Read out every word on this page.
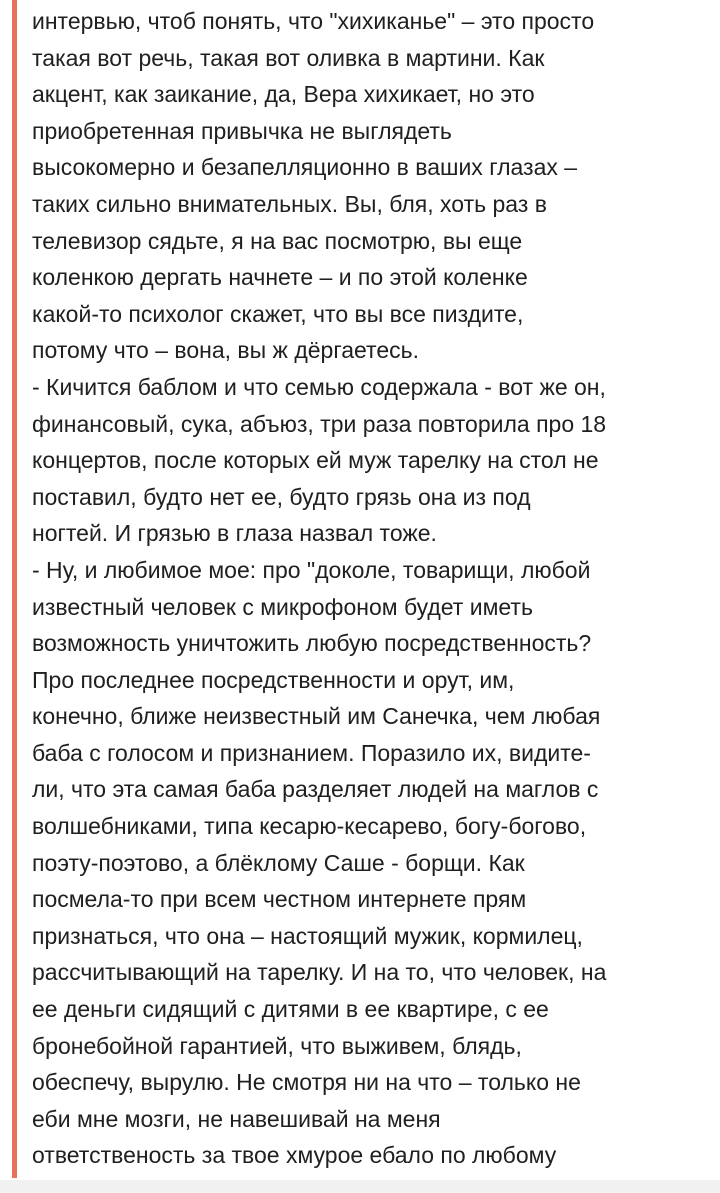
интервью, чтоб понять, что "хихиканье" – это просто
такая вот речь, такая вот оливка в мартини. Как
акцент, как заикание, да, Вера хихикает, но это
приобретенная привычка не выглядеть
высокомерно и безапелляционно в ваших глазах –
таких сильно внимательных. Вы, бля, хоть раз в
телевизор сядьте, я на вас посмотрю, вы еще
коленкою дергать начнете – и по этой коленке
какой-то психолог скажет, что вы все пиздите,
потому что – вона, вы ж дёргаетесь.
- Кичится баблом и что семью содержала - вот же он,
финансовый, сука, абъюз, три раза повторила про 18
концертов, после которых ей муж тарелку на стол не
поставил, будто нет ее, будто грязь она из под
ногтей. И грязью в глаза назвал тоже.
- Ну, и любимое мое: про "доколе, товарищи, любой
известный человек с микрофоном будет иметь
возможность уничтожить любую посредственность?
Про последнее посредственности и орут, им,
конечно, ближе неизвестный им Санечка, чем любая
баба с голосом и признанием. Поразило их, видите-
ли, что эта самая баба разделяет людей на маглов с
волшебниками, типа кесарю-кесарево, богу-богово,
поэту-поэтово, а блёклому Саше - борщи. Как
посмела-то при всем честном интернете прям
признаться, что она – настоящий мужик, кормилец,
рассчитывающий на тарелку. И на то, что человек, на
ее деньги сидящий с дитями в ее квартире, с ее
бронебойной гарантией, что выживем, блядь,
обеспечу, вырулю. Не смотря ни на что – только не
еби мне мозги, не навешивай на меня
ответственость за твое хмурое ебало по любому
